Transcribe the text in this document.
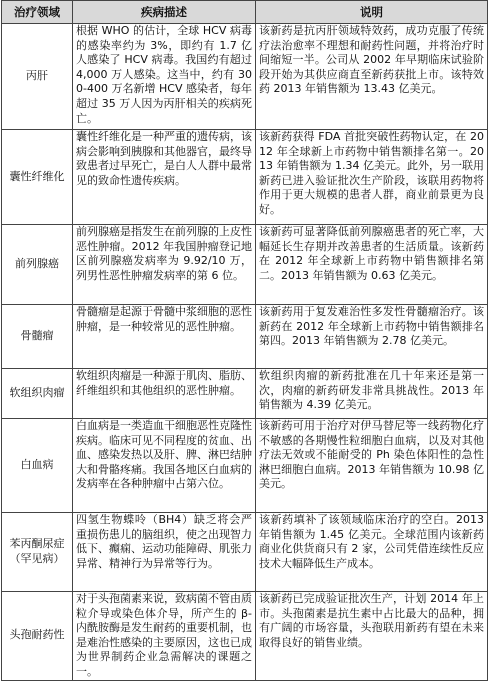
治疗领域	疾病描述	说明
丙肝	根据 WHO 的估计，全球 HCV 病毒的感染率约为 3%，即约有 1.7 亿人感染了 HCV 病毒。我国约有超过 4,000 万人感染。这当中，约有 300-400 万名新增 HCV 感染者，每年超过 35 万人因为丙肝相关的疾病死亡。	该新药是抗丙肝领域特效药，成功克服了传统疗法治愈率不理想和耐药性问题，并将治疗时间缩短一半。公司从 2002 年早期临床试验阶段开始为其供应商直至新药获批上市。该特效药 2013 年销售额为 13.43 亿美元。
囊性纤维化	囊性纤维化是一种严重的遗传病，该病会影响到胰腺和其他器官，最终导致患者过早死亡，是白人人群中最常见的致命性遗传疾病。	该新药获得 FDA 首批突破性药物认定，在 2012 年全球新上市药物中销售额排名第一。2013 年销售额为 1.34 亿美元。此外，另一联用新药已进入验证批次生产阶段，该联用药物将作用于更大规模的患者人群，商业前景更为良好。
前列腺癌	前列腺癌是指发生在前列腺的上皮性恶性肿瘤。2012 年我国肿瘤登记地区前列腺癌发病率为 9.92/10 万，列男性恶性肿瘤发病率的第 6 位。	该新药可显著降低前列腺癌患者的死亡率，大幅延长生存期并改善患者的生活质量。该新药在 2012 年全球新上市药物中销售额排名第二。2013 年销售额为 0.63 亿美元。
骨髓瘤	骨髓瘤是起源于骨髓中浆细胞的恶性肿瘤，是一种较常见的恶性肿瘤。	该新药用于复发难治性多发性骨髓瘤治疗。该新药在 2012 年全球新上市药物中销售额排名第四。2013 年销售额为 2.78 亿美元。
软组织肉瘤	软组织肉瘤是一种源于肌肉、脂肪、纤维组织和其他组织的恶性肿瘤。	软组织肉瘤的新药批准在几十年来还是第一次，肉瘤的新药研发非常具挑战性。2013 年销售额为 4.39 亿美元。
白血病	白血病是一类造血干细胞恶性克隆性疾病。临床可见不同程度的贫血、出血、感染发热以及肝、脾、淋巴结肿大和骨骼疼痛。我国各地区白血病的发病率在各种肿瘤中占第六位。	该新药可用于治疗对伊马替尼等一线药物化疗不敏感的各期慢性粒细胞白血病，以及对其他疗法无效或不能耐受的 Ph 染色体阳性的急性淋巴细胞白血病。2013 年销售额为 10.98 亿美元。
苯丙酮尿症（罕见病）	四氢生物蝶呤（BH4）缺乏将会严重损伤患儿的脑组织，使之出现智力低下、癫痫、运动功能障碍、肌张力异常、精神行为异常等行为。	该新药填补了该领域临床治疗的空白。2013 年销售额为 1.45 亿美元。全球范围内该新药商业化供货商只有 2 家，公司凭借连续性反应技术大幅降低生产成本。
头孢耐药性	对于头孢菌素来说，致病菌不管由质粒介导或染色体介导，所产生的 β-内酰胺酶是发生耐药的重要机制，也是难治性感染的主要原因，这也已成为世界制药企业急需解决的课题之一。	该新药已完成验证批次生产，计划 2014 年上市。头孢菌素是抗生素中占比最大的品种，拥有广阔的市场容量，头孢联用新药有望在未来取得良好的销售业绩。
